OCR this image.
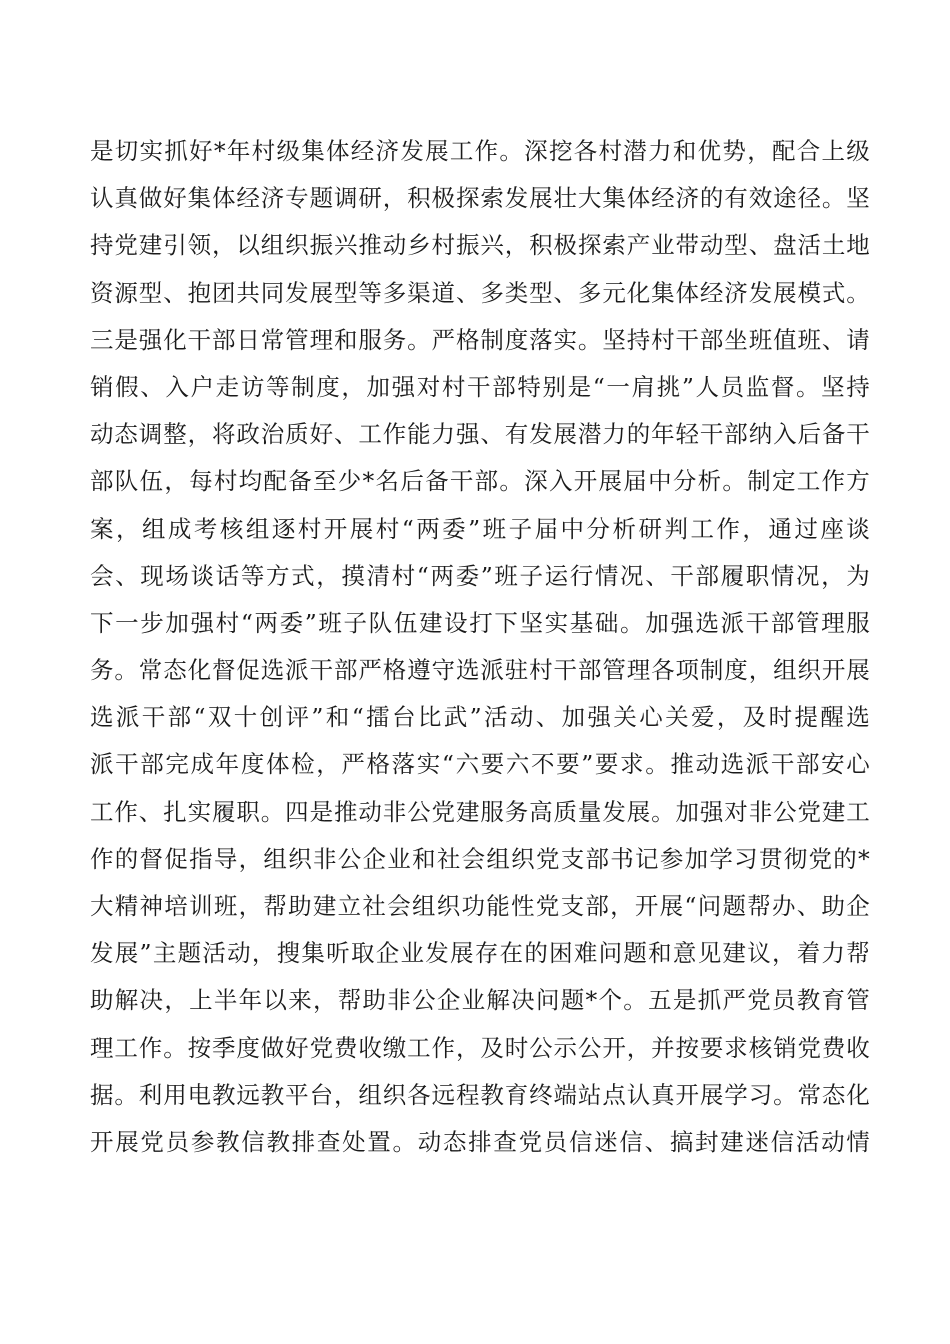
是切实抓好*年村级集体经济发展工作。深挖各村潜力和优势，配合上级
认真做好集体经济专题调研，积极探索发展壮大集体经济的有效途径。坚
持党建引领，以组织振兴推动乡村振兴，积极探索产业带动型、盘活土地
资源型、抱团共同发展型等多渠道、多类型、多元化集体经济发展模式。
三是强化干部日常管理和服务。严格制度落实。坚持村干部坐班值班、请
销假、入户走访等制度，加强对村干部特别是“一肩挑”人员监督。坚持
动态调整，将政治质好、工作能力强、有发展潜力的年轻干部纳入后备干
部队伍，每村均配备至少*名后备干部。深入开展届中分析。制定工作方
案，组成考核组逐村开展村“两委”班子届中分析研判工作，通过座谈
会、现场谈话等方式，摸清村“两委”班子运行情况、干部履职情况，为
下一步加强村“两委”班子队伍建设打下坚实基础。加强选派干部管理服
务。常态化督促选派干部严格遵守选派驻村干部管理各项制度，组织开展
选派干部“双十创评”和“擂台比武”活动、加强关心关爱，及时提醒选
派干部完成年度体检，严格落实“六要六不要”要求。推动选派干部安心
工作、扎实履职。四是推动非公党建服务高质量发展。加强对非公党建工
作的督促指导，组织非公企业和社会组织党支部书记参加学习贯彻党的*
大精神培训班，帮助建立社会组织功能性党支部，开展“问题帮办、助企
发展”主题活动，搜集听取企业发展存在的困难问题和意见建议，着力帮
助解决，上半年以来，帮助非公企业解决问题*个。五是抓严党员教育管
理工作。按季度做好党费收缴工作，及时公示公开，并按要求核销党费收
据。利用电教远教平台，组织各远程教育终端站点认真开展学习。常态化
开展党员参教信教排查处置。动态排查党员信迷信、搞封建迷信活动情
